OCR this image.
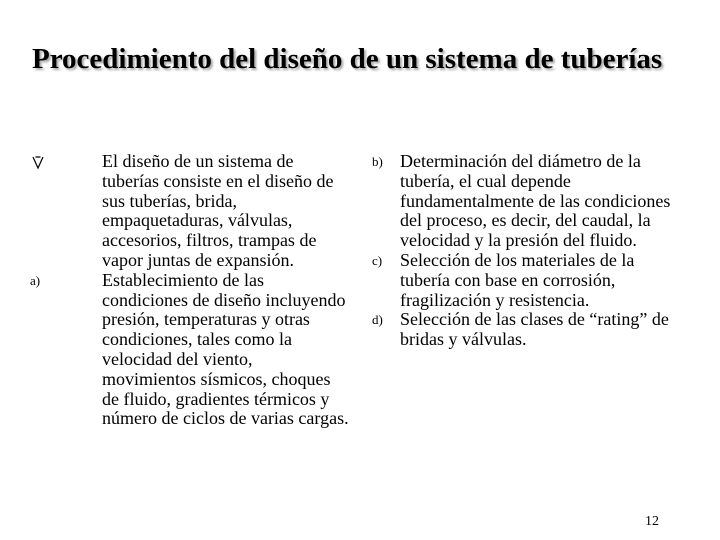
Procedimiento del diseño de un sistema de tuberías
El diseño de un sistema de tuberías consiste en el diseño de sus tuberías, brida, empaquetaduras, válvulas, accesorios, filtros, trampas de vapor juntas de expansión.
a)	Establecimiento de las condiciones de diseño incluyendo presión, temperaturas y otras condiciones, tales como la velocidad del viento, movimientos sísmicos, choques de fluido, gradientes térmicos y número de ciclos de varias cargas.
b) Determinación del diámetro de la tubería, el cual depende fundamentalmente de las condiciones del proceso, es decir, del caudal, la velocidad y la presión del fluido.
c) Selección de los materiales de la tubería con base en corrosión, fragilización y resistencia.
d) Selección de las clases de “rating” de bridas y válvulas.
12
